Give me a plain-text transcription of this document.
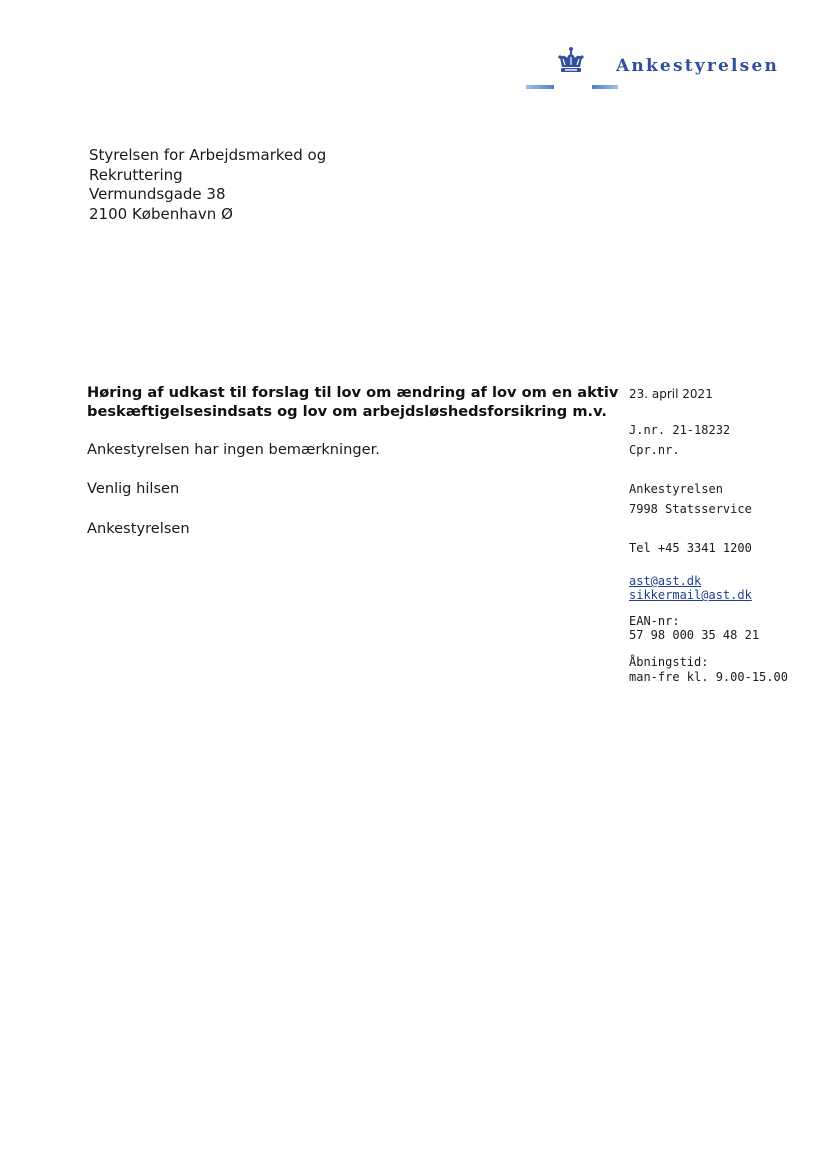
Ankestyrelsen
Styrelsen for Arbejdsmarked og
Rekruttering
Vermundsgade 38
2100 København Ø
Høring af udkast til forslag til lov om ændring af lov om en aktiv
beskæftigelsesindsats og lov om arbejdsløshedsforsikring m.v.
Ankestyrelsen har ingen bemærkninger.
Venlig hilsen
Ankestyrelsen
23. april 2021
J.nr. 21-18232
Cpr.nr.
Ankestyrelsen
7998 Statsservice
Tel +45 3341 1200
ast@ast.dk
sikkermail@ast.dk
EAN-nr:
57 98 000 35 48 21
Åbningstid:
man-fre kl. 9.00-15.00
